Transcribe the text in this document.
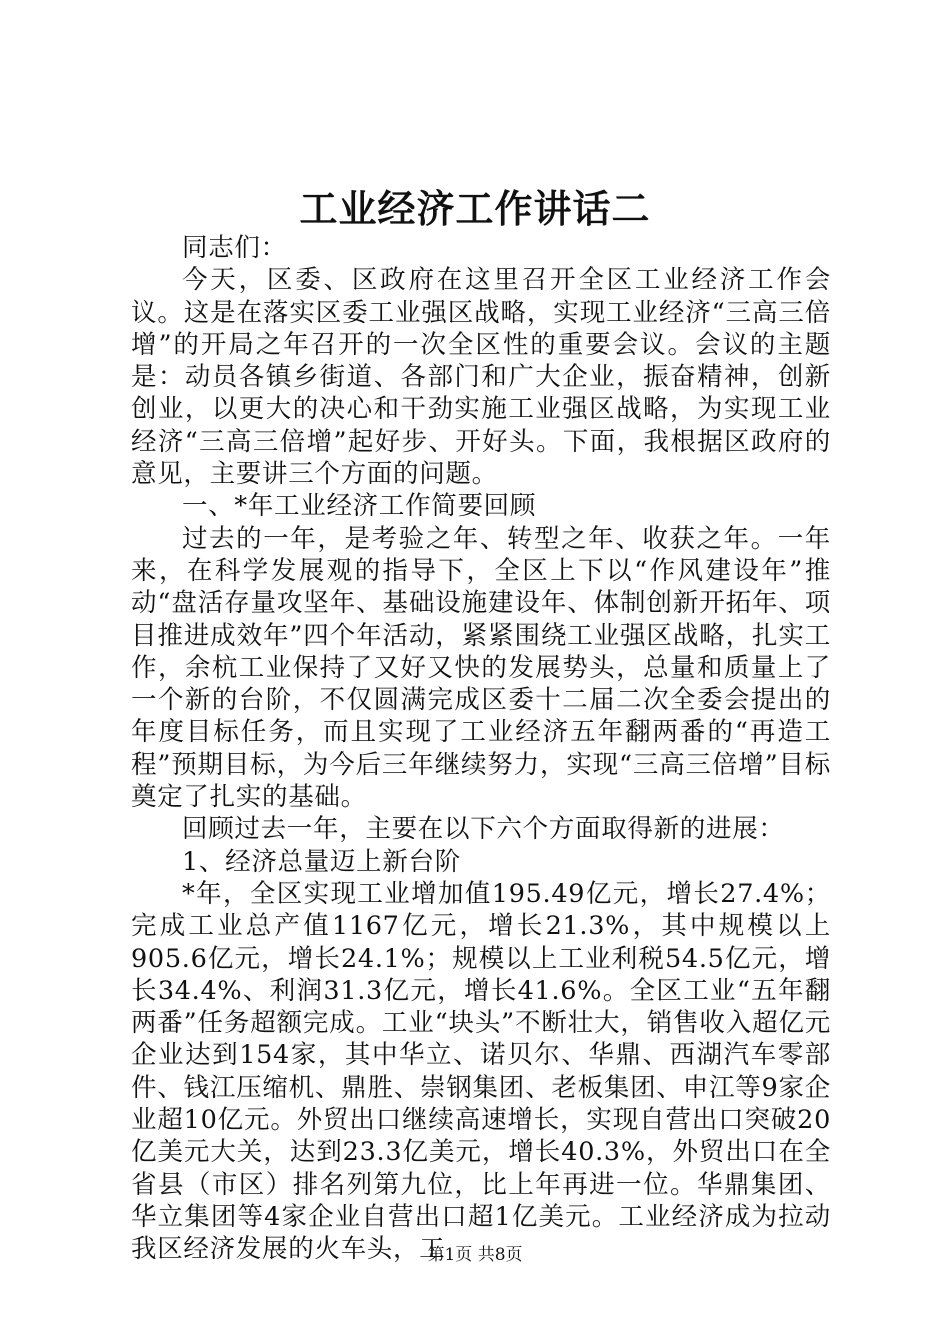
工业经济工作讲话二

同志们：

今天，区委、区政府在这里召开全区工业经济工作会议。这是在落实区委工业强区战略，实现工业经济“三高三倍增”的开局之年召开的一次全区性的重要会议。会议的主题是：动员各镇乡街道、各部门和广大企业，振奋精神，创新创业，以更大的决心和干劲实施工业强区战略，为实现工业经济“三高三倍增”起好步、开好头。下面，我根据区政府的意见，主要讲三个方面的问题。

一、*年工业经济工作简要回顾

过去的一年，是考验之年、转型之年、收获之年。一年来，在科学发展观的指导下，全区上下以“作风建设年”推动“盘活存量攻坚年、基础设施建设年、体制创新开拓年、项目推进成效年”四个年活动，紧紧围绕工业强区战略，扎实工作，余杭工业保持了又好又快的发展势头，总量和质量上了一个新的台阶，不仅圆满完成区委十二届二次全委会提出的年度目标任务，而且实现了工业经济五年翻两番的“再造工程”预期目标，为今后三年继续努力，实现“三高三倍增”目标奠定了扎实的基础。

回顾过去一年，主要在以下六个方面取得新的进展：

1、经济总量迈上新台阶

*年，全区实现工业增加值195.49亿元，增长27.4%；完成工业总产值1167亿元，增长21.3%，其中规模以上905.6亿元，增长24.1%；规模以上工业利税54.5亿元，增长34.4%、利润31.3亿元，增长41.6%。全区工业“五年翻两番”任务超额完成。工业“块头”不断壮大，销售收入超亿元企业达到154家，其中华立、诺贝尔、华鼎、西湖汽车零部件、钱江压缩机、鼎胜、崇钢集团、老板集团、申江等9家企业超10亿元。外贸出口继续高速增长，实现自营出口突破20亿美元大关，达到23.3亿美元，增长40.3%，外贸出口在全省县（市区）排名列第九位，比上年再进一位。华鼎集团、华立集团等4家企业自营出口超1亿美元。工业经济成为拉动我区经济发展的火车头，工

第1页 共8页
